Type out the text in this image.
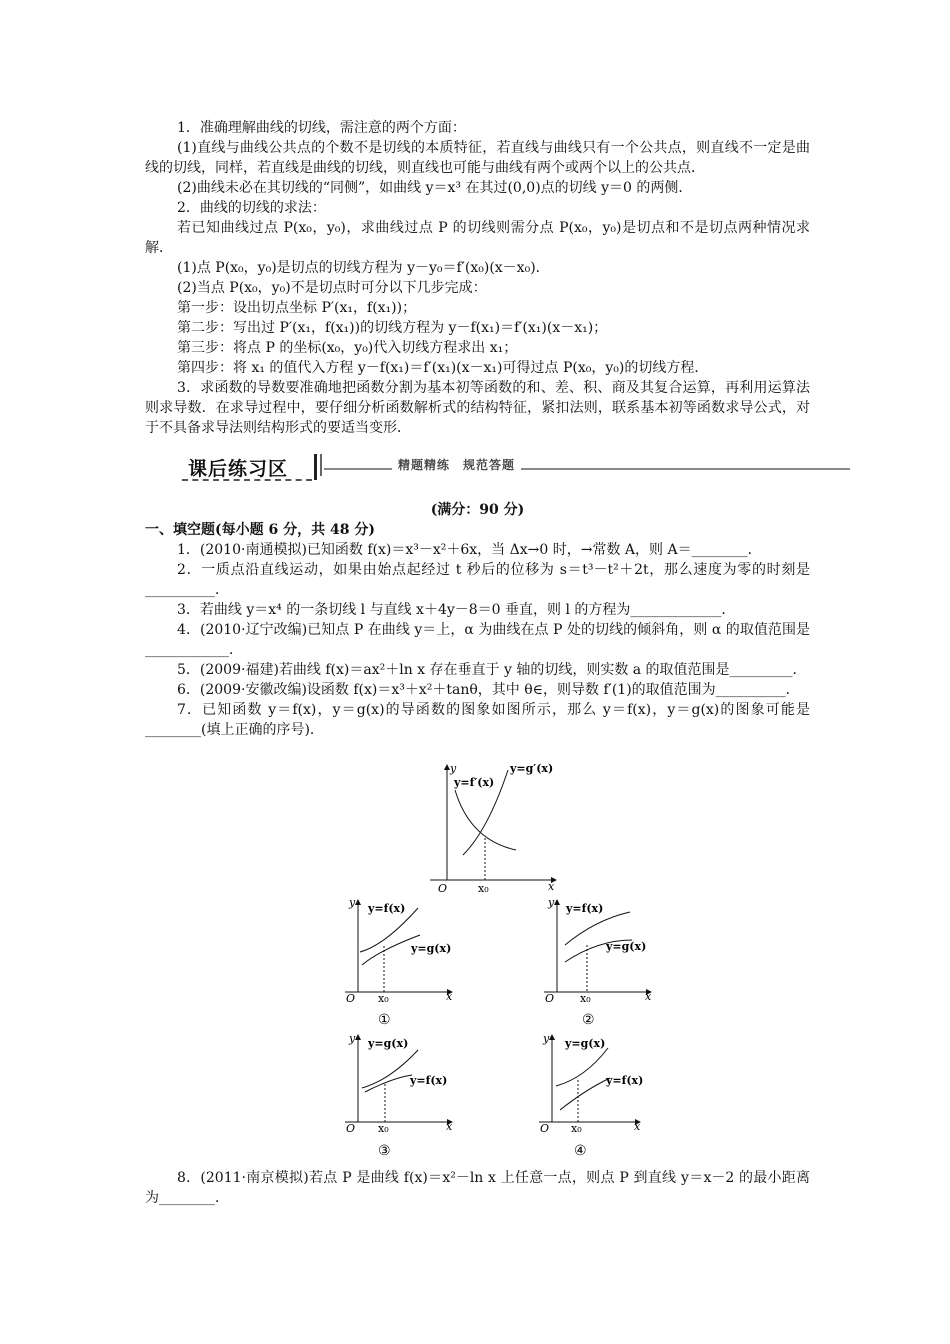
1．准确理解曲线的切线，需注意的两个方面：

(1)直线与曲线公共点的个数不是切线的本质特征，若直线与曲线只有一个公共点，则直线不一定是曲线的切线，同样，若直线是曲线的切线，则直线也可能与曲线有两个或两个以上的公共点．

(2)曲线未必在其切线的“同侧”，如曲线 y＝x³ 在其过(0,0)点的切线 y＝0 的两侧．

2．曲线的切线的求法：

若已知曲线过点 P(x₀，y₀)，求曲线过点 P 的切线则需分点 P(x₀，y₀)是切点和不是切点两种情况求解．

(1)点 P(x₀，y₀)是切点的切线方程为 y－y₀＝f′(x₀)(x－x₀)．

(2)当点 P(x₀，y₀)不是切点时可分以下几步完成：

第一步：设出切点坐标 P′(x₁，f(x₁))；

第二步：写出过 P′(x₁，f(x₁))的切线方程为 y－f(x₁)＝f′(x₁)(x－x₁)；

第三步：将点 P 的坐标(x₀，y₀)代入切线方程求出 x₁；

第四步：将 x₁ 的值代入方程 y－f(x₁)＝f′(x₁)(x－x₁)可得过点 P(x₀，y₀)的切线方程．

3．求函数的导数要准确地把函数分割为基本初等函数的和、差、积、商及其复合运算，再利用运算法则求导数．在求导过程中，要仔细分析函数解析式的结构特征，紧扣法则，联系基本初等函数求导公式，对于不具备求导法则结构形式的要适当变形．

课后练习区	精题精练　规范答题

(满分：90 分)

一、填空题(每小题 6 分，共 48 分)

1．(2010·南通模拟)已知函数 f(x)＝x³－x²＋6x，当 Δx→0 时，→常数 A，则 A＝________．

2．一质点沿直线运动，如果由始点起经过 t 秒后的位移为 s＝t³－t²＋2t，那么速度为零的时刻是__________．

3．若曲线 y＝x⁴ 的一条切线 l 与直线 x＋4y－8＝0 垂直，则 l 的方程为_____________．

4．(2010·辽宁改编)已知点 P 在曲线 y＝上，α 为曲线在点 P 处的切线的倾斜角，则 α 的取值范围是____________．

5．(2009·福建)若曲线 f(x)＝ax²＋ln x 存在垂直于 y 轴的切线，则实数 a 的取值范围是_________．

6．(2009·安徽改编)设函数 f(x)＝x³＋x²＋tanθ，其中 θ∈，则导数 f′(1)的取值范围为__________．

7．已知函数 y＝f(x)，y＝g(x)的导函数的图象如图所示，那么 y＝f(x)，y＝g(x)的图象可能是________(填上正确的序号)．

y
y=f′(x)
y=g′(x)
O	x₀	x
y y=f(x)
y=g(x)
O x₀	x
①
y y=f(x)
y=g(x)
O x₀	x
②
y y=g(x)
y=f(x)
O x₀	x
③
y y=g(x)
y=f(x)
O x₀	x
④

8．(2011·南京模拟)若点 P 是曲线 f(x)＝x²－ln x 上任意一点，则点 P 到直线 y＝x－2 的最小距离为________．
